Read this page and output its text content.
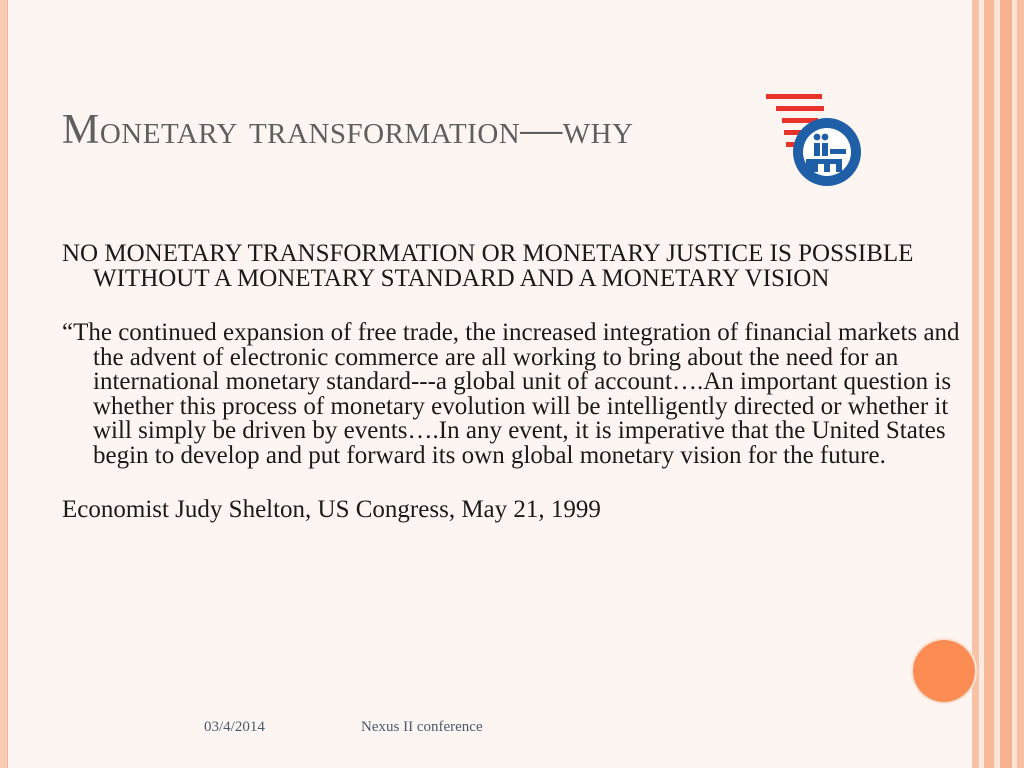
Monetary transformation—why

NO MONETARY TRANSFORMATION OR MONETARY JUSTICE IS POSSIBLE WITHOUT A MONETARY STANDARD AND A MONETARY VISION

“The continued expansion of free trade, the increased integration of financial markets and the advent of electronic commerce are all working to bring about the need for an international monetary standard---a global unit of account….An important question is whether this process of monetary evolution will be intelligently directed or whether it will simply be driven by events….In any event, it is imperative that the United States begin to develop and put forward its own global monetary vision for the future.

Economist Judy Shelton, US Congress, May 21, 1999

03/4/2014	Nexus II conference
